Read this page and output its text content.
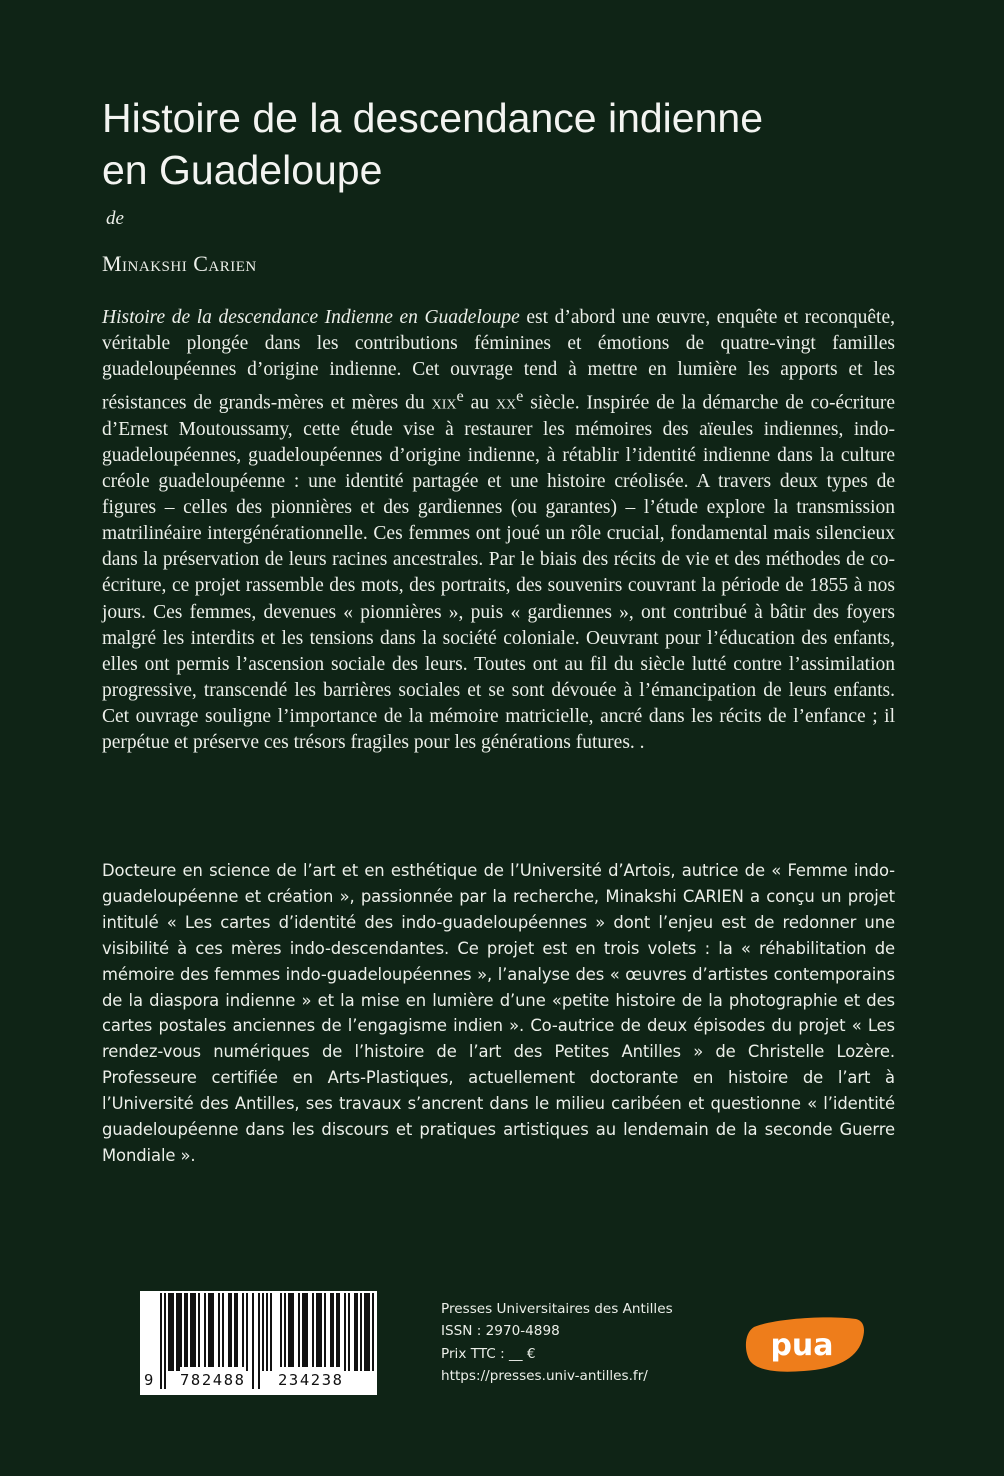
Histoire de la descendance indienne
en Guadeloupe

de

Minakshi Carien

Histoire de la descendance Indienne en Guadeloupe est d’abord une œuvre, enquête et reconquête, véritable plongée dans les contributions féminines et émotions de quatre-vingt familles guadeloupéennes d’origine indienne. Cet ouvrage tend à mettre en lumière les apports et les résistances de grands-mères et mères du xix$^e$ au $xx^e$ siècle. Inspirée de la démarche de co-écriture d’Ernest Moutoussamy, cette étude vise à restaurer les mémoires des aïeules indiennes, indo-guadeloupéennes, guadeloupéennes d’origine indienne, à rétablir l’identité indienne dans la culture créole guadeloupéenne : une identité partagée et une histoire créolisée. A travers deux types de figures – celles des pionnières et des gardiennes (ou garantes) – l’étude explore la transmission matrilinéaire intergénérationnelle. Ces femmes ont joué un rôle crucial, fondamental mais silencieux dans la préservation de leurs racines ancestrales. Par le biais des récits de vie et des méthodes de co-écriture, ce projet rassemble des mots, des portraits, des souvenirs couvrant la période de 1855 à nos jours. Ces femmes, devenues « pionnières », puis « gardiennes », ont contribué à bâtir des foyers malgré les interdits et les tensions dans la société coloniale. Oeuvrant pour l’éducation des enfants, elles ont permis l’ascension sociale des leurs. Toutes ont au fil du siècle lutté contre l’assimilation progressive, transcendé les barrières sociales et se sont dévouée à l’émancipation de leurs enfants. Cet ouvrage souligne l’importance de la mémoire matricielle, ancré dans les récits de l’enfance ; il perpétue et préserve ces trésors fragiles pour les générations futures. .

Docteure en science de l’art et en esthétique de l’Université d’Artois, autrice de « Femme indo-guadeloupéenne et création », passionnée par la recherche, Minakshi CARIEN a conçu un projet intitulé « Les cartes d’identité des indo-guadeloupéennes » dont l’enjeu est de redonner une visibilité à ces mères indo-descendantes. Ce projet est en trois volets : la « réhabilitation de mémoire des femmes indo-guadeloupéennes », l’analyse des « œuvres d’artistes contemporains de la diaspora indienne » et la mise en lumière d’une «petite histoire de la photographie et des cartes postales anciennes de l’engagisme indien ». Co-autrice de deux épisodes du projet « Les rendez-vous numériques de l’histoire de l’art des Petites Antilles » de Christelle Lozère. Professeure certifiée en Arts-Plastiques, actuellement doctorante en histoire de l’art à l’Université des Antilles, ses travaux s’ancrent dans le milieu caribéen et questionne « l’identité guadeloupéenne dans les discours et pratiques artistiques au lendemain de la seconde Guerre Mondiale ».

9 782488 234238
Presses Universitaires des Antilles
ISSN : 2970-4898
Prix TTC : __ €
https://presses.univ-antilles.fr/
pua
